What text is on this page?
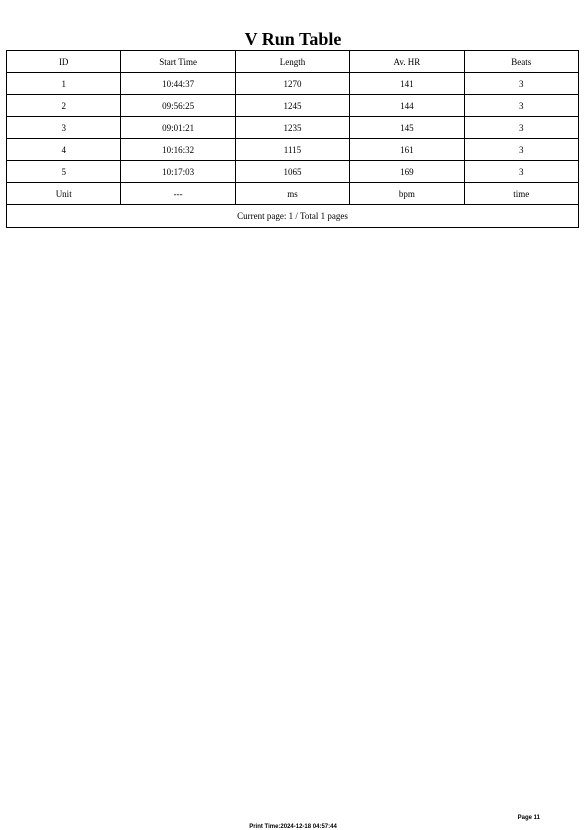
V Run Table
ID	Start Time	Length	Av. HR	Beats
1	10:44:37	1270	141	3
2	09:56:25	1245	144	3
3	09:01:21	1235	145	3
4	10:16:32	1115	161	3
5	10:17:03	1065	169	3
Unit	---	ms	bpm	time
Current page: 1 / Total 1 pages				
Page 11
Print Time:2024-12-18 04:57:44
